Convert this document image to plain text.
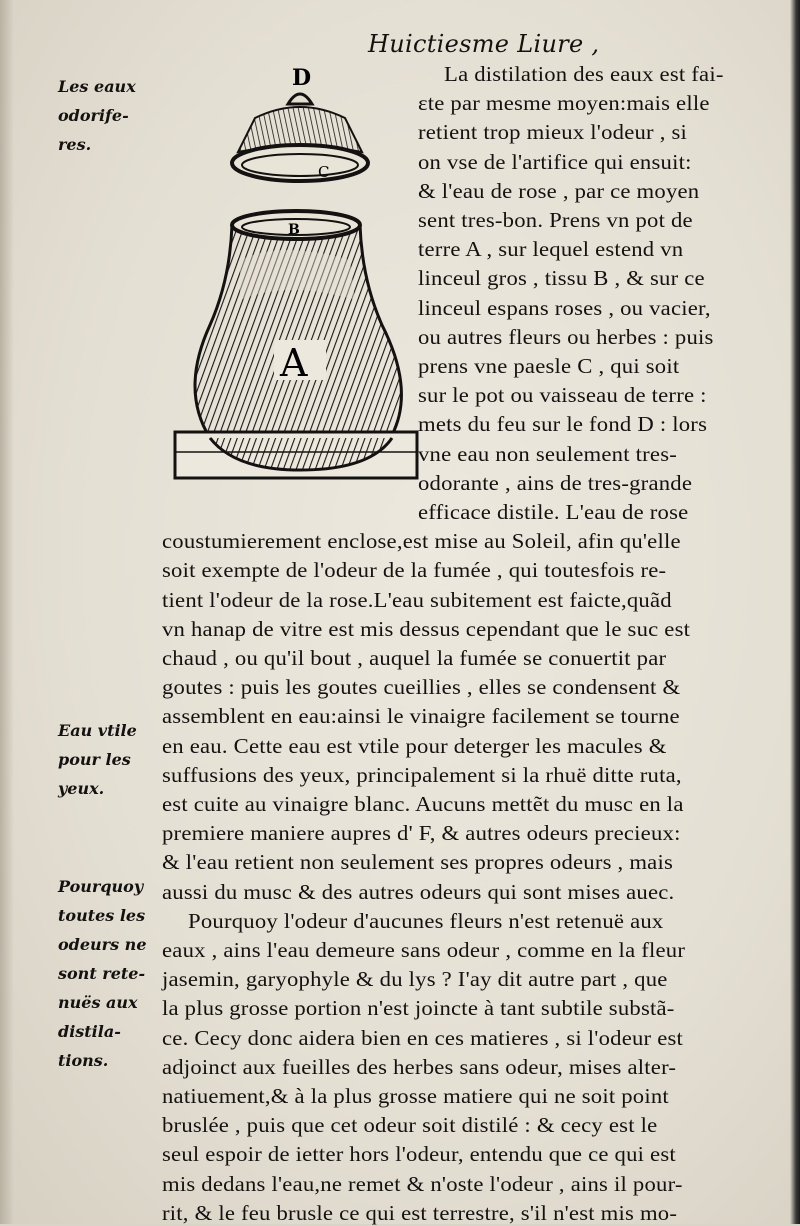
Huictiesme Liure ,
Les eaux
odorife-
res.
Eau vtile
pour les
yeux.
Pourquoy
toutes les
odeurs ne
sont rete-
nuës aux
distila-
tions.
D
C
B
A
La distilation des eaux est fai-
ɛte par mesme moyen:mais elle
retient trop mieux l'odeur , si
on vse de l'artifice qui ensuit:
& l'eau de rose , par ce moyen
sent tres-bon. Prens vn pot de
terre A , sur lequel estend vn
linceul gros , tissu B , & sur ce
linceul espans roses , ou vacier,
ou autres fleurs ou herbes : puis
prens vne paesle C , qui soit
sur le pot ou vaisseau de terre :
mets du feu sur le fond D : lors
vne eau non seulement tres-
odorante , ains de tres-grande
efficace distile. L'eau de rose
coustumierement enclose,est mise au Soleil, afin qu'elle
soit exempte de l'odeur de la fumée , qui toutesfois re-
tient l'odeur de la rose.L'eau subitement est faicte,quãd
vn hanap de vitre est mis dessus cependant que le suc est
chaud , ou qu'il bout , auquel la fumée se conuertit par
goutes : puis les goutes cueillies , elles se condensent &
assemblent en eau:ainsi le vinaigre facilement se tourne
en eau. Cette eau est vtile pour deterger les macules &
suffusions des yeux, principalement si la rhuë ditte ruta,
est cuite au vinaigre blanc. Aucuns mettẽt du musc en la
premiere maniere aupres d' F, & autres odeurs precieux:
& l'eau retient non seulement ses propres odeurs , mais
aussi du musc & des autres odeurs qui sont mises auec.
Pourquoy l'odeur d'aucunes fleurs n'est retenuë aux
eaux , ains l'eau demeure sans odeur , comme en la fleur
jasemin, garyophyle & du lys ? I'ay dit autre part , que
la plus grosse portion n'est joincte à tant subtile substã-
ce. Cecy donc aidera bien en ces matieres , si l'odeur est
adjoinct aux fueilles des herbes sans odeur, mises alter-
natiuement,& à la plus grosse matiere qui ne soit point
bruslée , puis que cet odeur soit distilé : & cecy est le
seul espoir de ietter hors l'odeur, entendu que ce qui est
mis dedans l'eau,ne remet & n'oste l'odeur , ains il pour-
rit, & le feu brusle ce qui est terrestre, s'il n'est mis mo-
